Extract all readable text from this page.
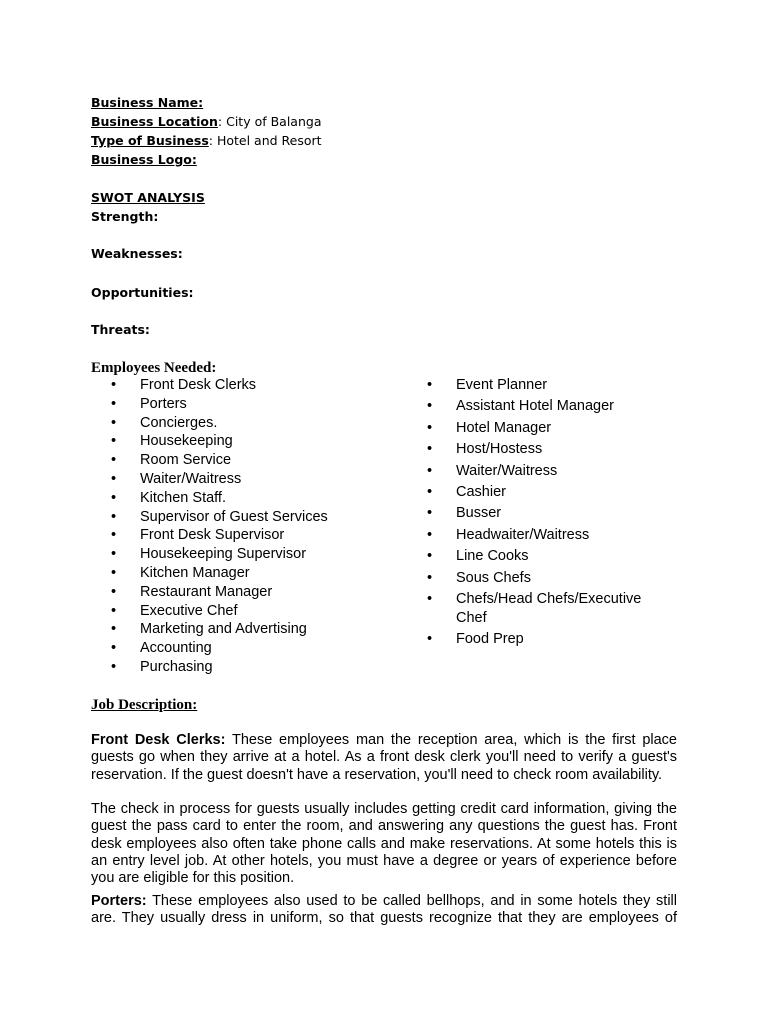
Business Name:
Business Location: City of Balanga
Type of Business: Hotel and Resort
Business Logo:
SWOT ANALYSIS
Strength:
Weaknesses:
Opportunities:
Threats:
Employees Needed:
• Front Desk Clerks
• Porters
• Concierges.
• Housekeeping
• Room Service
• Waiter/Waitress
• Kitchen Staff.
• Supervisor of Guest Services
• Front Desk Supervisor
• Housekeeping Supervisor
• Kitchen Manager
• Restaurant Manager
• Executive Chef
• Marketing and Advertising
• Accounting
• Purchasing
• Event Planner
• Assistant Hotel Manager
• Hotel Manager
• Host/Hostess
• Waiter/Waitress
• Cashier
• Busser
• Headwaiter/Waitress
• Line Cooks
• Sous Chefs
• Chefs/Head Chefs/Executive Chef
• Food Prep
Job Description:

Front Desk Clerks: These employees man the reception area, which is the first place guests go when they arrive at a hotel. As a front desk clerk you'll need to verify a guest's reservation. If the guest doesn't have a reservation, you'll need to check room availability.

The check in process for guests usually includes getting credit card information, giving the guest the pass card to enter the room, and answering any questions the guest has. Front desk employees also often take phone calls and make reservations. At some hotels this is an entry level job. At other hotels, you must have a degree or years of experience before you are eligible for this position.

Porters: These employees also used to be called bellhops, and in some hotels they still are. They usually dress in uniform, so that guests recognize that they are employees of
